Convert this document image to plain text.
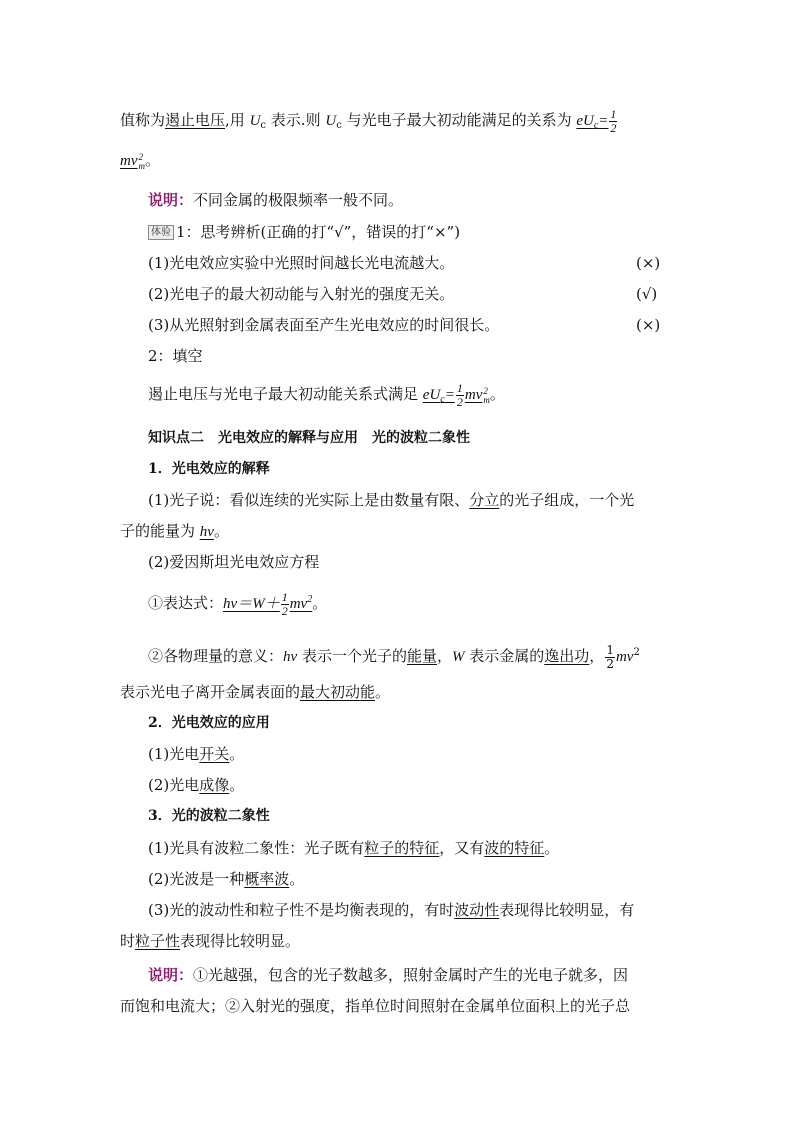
值称为遏止电压,用 $U_c$ 表示.则 $U_c$ 与光电子最大初动能满足的关系为 $eU_c= \frac{1}{2}$
mv 2
m 。
说明：不同金属的极限频率一般不同。
体验 1：思考辨析(正确的打“√”，错误的打“×”)
(1)光电效应实验中光照时间越长光电流越大。	(×)
(2)光电子的最大初动能与入射光的强度无关。	(√)
(3)从光照射到金属表面至产生光电效应的时间很长。	(×)
2：填空
遏止电压与光电子最大初动能关系式满足 $eU_c= \frac{1}{2}$ mv 2
m 。
知识点二　光电效应的解释与应用　光的波粒二象性
1．光电效应的解释
(1)光子说：看似连续的光实际上是由数量有限、分立的光子组成，一个光
子的能量为 hν。
(2)爱因斯坦光电效应方程
①表达式：$h\nu=W+ \frac{1}{2} mv^2$。
②各物理量的意义：hν 表示一个光子的能量，W 表示金属的逸出功， $\frac{1}{2} mv^2$
表示光电子离开金属表面的最大初动能。
2．光电效应的应用
(1)光电开关。
(2)光电成像。
3．光的波粒二象性
(1)光具有波粒二象性：光子既有粒子的特征，又有波的特征。
(2)光波是一种概率波。
(3)光的波动性和粒子性不是均衡表现的，有时波动性表现得比较明显，有
时粒子性表现得比较明显。
说明：①光越强，包含的光子数越多，照射金属时产生的光电子就多，因
而饱和电流大；②入射光的强度，指单位时间照射在金属单位面积上的光子总
